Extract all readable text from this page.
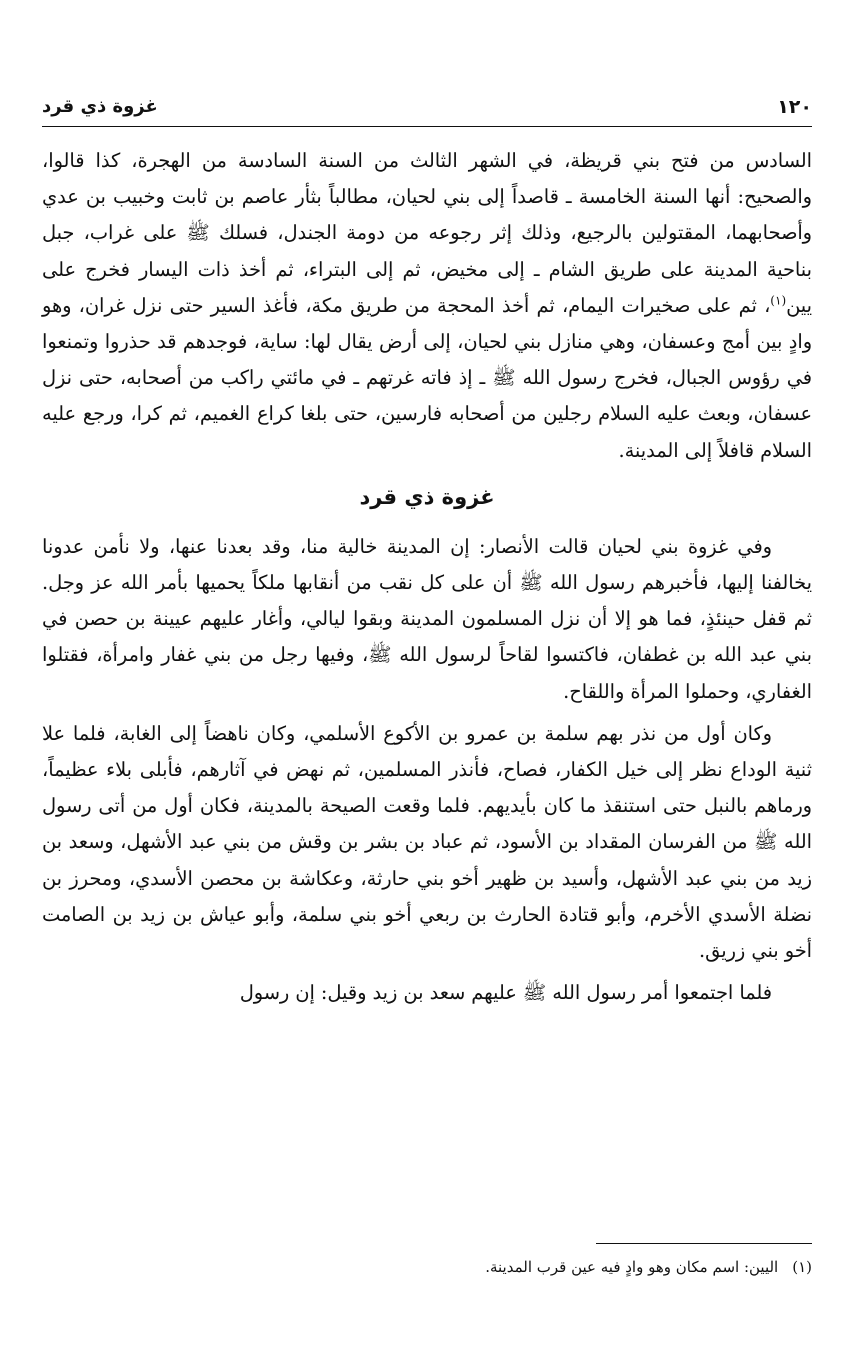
١٢٠
غزوة ذي قرد

السادس من فتح بني قريظة، في الشهر الثالث من السنة السادسة من الهجرة، كذا قالوا، والصحيح: أنها السنة الخامسة ـ قاصداً إلى بني لحيان، مطالباً بثأر عاصم بن ثابت وخبيب بن عدي وأصحابهما، المقتولين بالرجيع، وذلك إثر رجوعه من دومة الجندل، فسلك ﷺ على غراب، جبل بناحية المدينة على طريق الشام ـ إلى مخيض، ثم إلى البتراء، ثم أخذ ذات اليسار فخرج على يين$^{(١)}$، ثم على صخيرات اليمام، ثم أخذ المحجة من طريق مكة، فأغذ السير حتى نزل غران، وهو وادٍ بين أمج وعسفان، وهي منازل بني لحيان، إلى أرض يقال لها: ساية، فوجدهم قد حذروا وتمنعوا في رؤوس الجبال، فخرج رسول الله ﷺ ـ إذ فاته غرتهم ـ في مائتي راكب من أصحابه، حتى نزل عسفان، وبعث عليه السلام رجلين من أصحابه فارسين، حتى بلغا كراع الغميم، ثم كرا، ورجع عليه السلام قافلاً إلى المدينة.

غزوة ذي قرد

وفي غزوة بني لحيان قالت الأنصار: إن المدينة خالية منا، وقد بعدنا عنها، ولا نأمن عدونا يخالفنا إليها، فأخبرهم رسول الله ﷺ أن على كل نقب من أنقابها ملكاً يحميها بأمر الله عز وجل. ثم قفل حينئذٍ، فما هو إلا أن نزل المسلمون المدينة وبقوا ليالي، وأغار عليهم عيينة بن حصن في بني عبد الله بن غطفان، فاكتسوا لقاحاً لرسول الله ﷺ، وفيها رجل من بني غفار وامرأة، فقتلوا الغفاري، وحملوا المرأة واللقاح.

وكان أول من نذر بهم سلمة بن عمرو بن الأكوع الأسلمي، وكان ناهضاً إلى الغابة، فلما علا ثنية الوداع نظر إلى خيل الكفار، فصاح، فأنذر المسلمين، ثم نهض في آثارهم، فأبلى بلاء عظيماً، ورماهم بالنبل حتى استنقذ ما كان بأيديهم. فلما وقعت الصيحة بالمدينة، فكان أول من أتى رسول الله ﷺ من الفرسان المقداد بن الأسود، ثم عباد بن بشر بن وقش من بني عبد الأشهل، وسعد بن زيد من بني عبد الأشهل، وأسيد بن ظهير أخو بني حارثة، وعكاشة بن محصن الأسدي، ومحرز بن نضلة الأسدي الأخرم، وأبو قتادة الحارث بن ربعي أخو بني سلمة، وأبو عياش بن زيد بن الصامت أخو بني زريق.

فلما اجتمعوا أمر رسول الله ﷺ عليهم سعد بن زيد وقيل: إن رسول

(١)اليين: اسم مكان وهو وادٍ فيه عين قرب المدينة.
